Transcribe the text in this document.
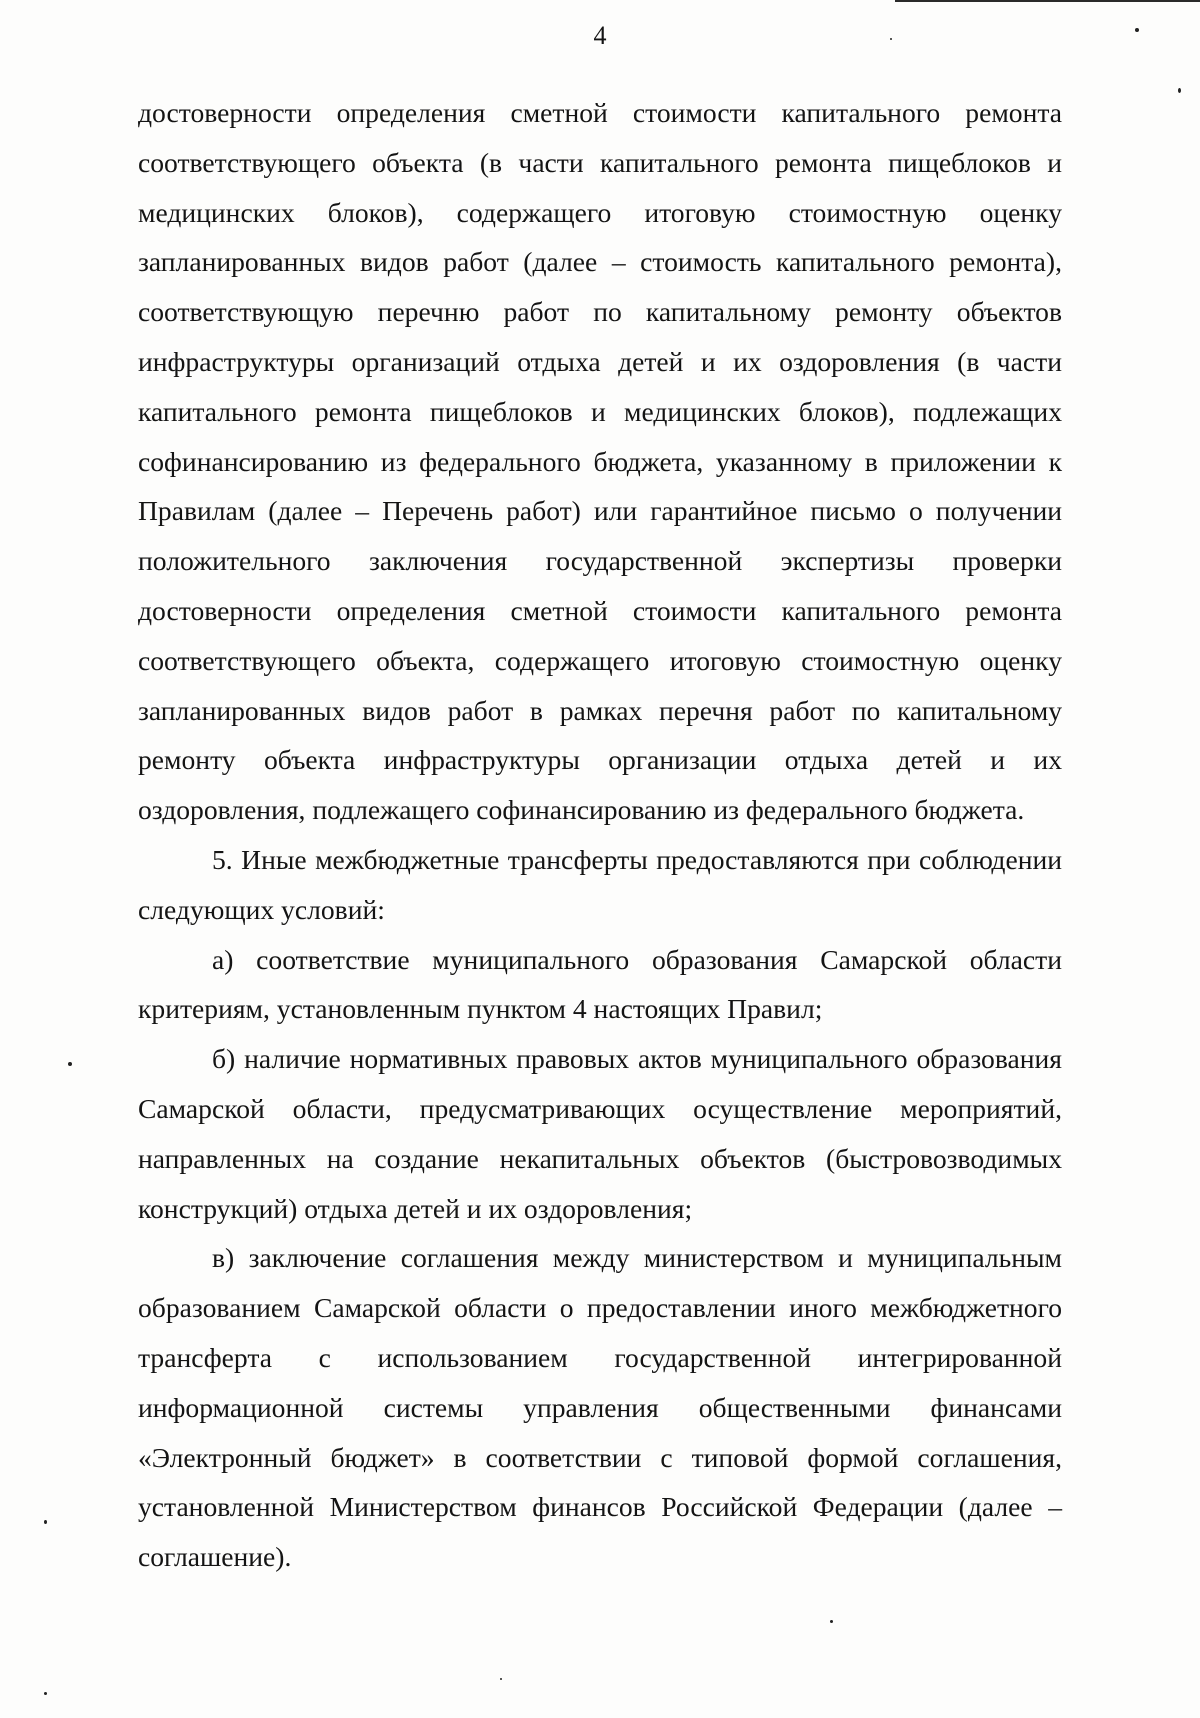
4

достоверности определения сметной стоимости капитального ремонта соответствующего объекта (в части капитального ремонта пищеблоков и медицинских блоков), содержащего итоговую стоимостную оценку запланированных видов работ (далее – стоимость капитального ремонта), соответствующую перечню работ по капитальному ремонту объектов инфраструктуры организаций отдыха детей и их оздоровления (в части капитального ремонта пищеблоков и медицинских блоков), подлежащих софинансированию из федерального бюджета, указанному в приложении к Правилам (далее – Перечень работ) или гарантийное письмо о получении положительного заключения государственной экспертизы проверки достоверности определения сметной стоимости капитального ремонта соответствующего объекта, содержащего итоговую стоимостную оценку запланированных видов работ в рамках перечня работ по капитальному ремонту объекта инфраструктуры организации отдыха детей и их оздоровления, подлежащего софинансированию из федерального бюджета.

5. Иные межбюджетные трансферты предоставляются при соблюдении следующих условий:

а) соответствие муниципального образования Самарской области критериям, установленным пунктом 4 настоящих Правил;

б) наличие нормативных правовых актов муниципального образования Самарской области, предусматривающих осуществление мероприятий, направленных на создание некапитальных объектов (быстровозводимых конструкций) отдыха детей и их оздоровления;

в) заключение соглашения между министерством и муниципальным образованием Самарской области о предоставлении иного межбюджетного трансферта с использованием государственной интегрированной информационной системы управления общественными финансами «Электронный бюджет» в соответствии с типовой формой соглашения, установленной Министерством финансов Российской Федерации (далее – соглашение).
